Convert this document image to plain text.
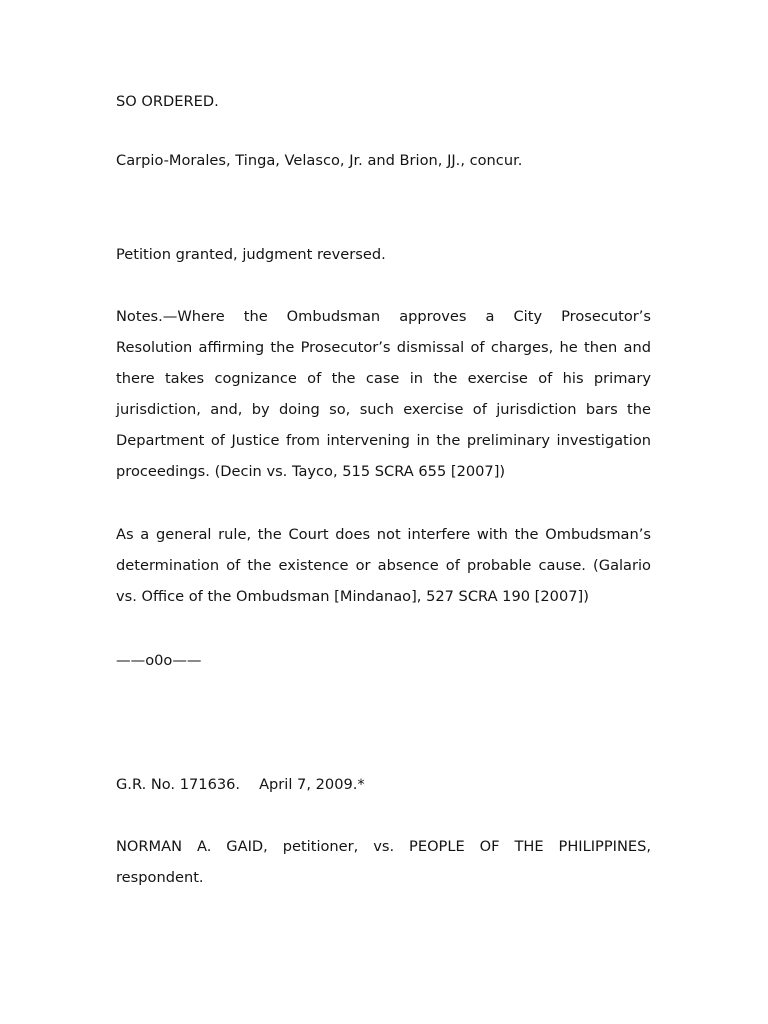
SO ORDERED.
Carpio-Morales, Tinga, Velasco, Jr. and Brion, JJ., concur.
Petition granted, judgment reversed.
Notes.—Where the Ombudsman approves a City Prosecutor’s
Resolution affirming the Prosecutor’s dismissal of charges, he then and
there takes cognizance of the case in the exercise of his primary
jurisdiction, and, by doing so, such exercise of jurisdiction bars the
Department of Justice from intervening in the preliminary investigation
proceedings. (Decin vs. Tayco, 515 SCRA 655 [2007])
As a general rule, the Court does not interfere with the Ombudsman’s
determination of the existence or absence of probable cause. (Galario
vs. Office of the Ombudsman [Mindanao], 527 SCRA 190 [2007])
——o0o——
G.R. No. 171636. April 7, 2009.*
NORMAN A. GAID, petitioner, vs. PEOPLE OF THE PHILIPPINES,
respondent.
